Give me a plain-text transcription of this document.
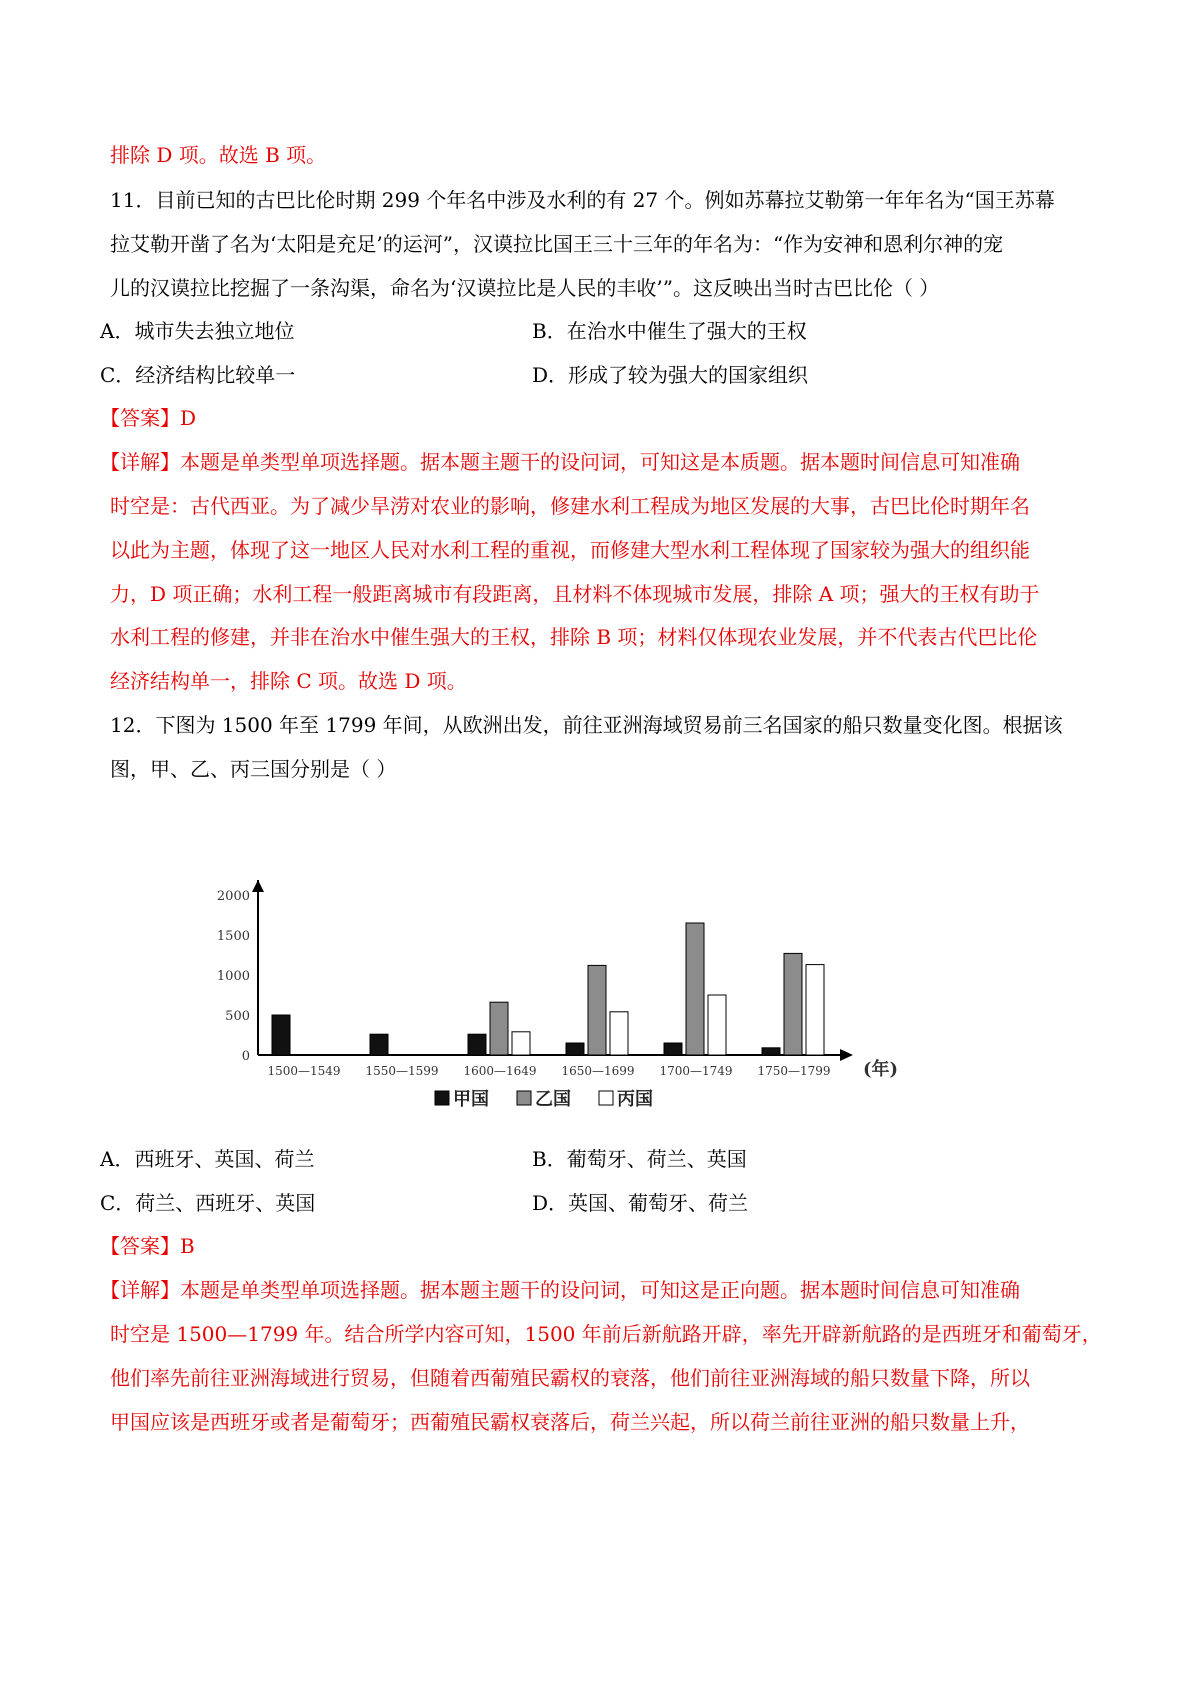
排除 D 项。故选 B 项。
11．目前已知的古巴比伦时期 299 个年名中涉及水利的有 27 个。例如苏幕拉艾勒第一年年名为“国王苏幕
拉艾勒开凿了名为‘太阳是充足’的运河”，汉谟拉比国王三十三年的年名为：“作为安神和恩利尔神的宠
儿的汉谟拉比挖掘了一条沟渠，命名为‘汉谟拉比是人民的丰收’”。这反映出当时古巴比伦（ ）
A．城市失去独立地位	B．在治水中催生了强大的王权
C．经济结构比较单一	D．形成了较为强大的国家组织
【答案】D
【详解】本题是单类型单项选择题。据本题主题干的设问词，可知这是本质题。据本题时间信息可知准确
时空是：古代西亚。为了减少旱涝对农业的影响，修建水利工程成为地区发展的大事，古巴比伦时期年名
以此为主题，体现了这一地区人民对水利工程的重视，而修建大型水利工程体现了国家较为强大的组织能
力，D 项正确；水利工程一般距离城市有段距离，且材料不体现城市发展，排除 A 项；强大的王权有助于
水利工程的修建，并非在治水中催生强大的王权，排除 B 项；材料仅体现农业发展，并不代表古代巴比伦
经济结构单一，排除 C 项。故选 D 项。
12．下图为 1500 年至 1799 年间，从欧洲出发，前往亚洲海域贸易前三名国家的船只数量变化图。根据该
图，甲、乙、丙三国分别是（ ）
0
500
1000
1500
2000
1500—1549 1550—1599 1600—1649 1650—1699 1700—1749 1750—1799 (年)
甲国	乙国	丙国
A．西班牙、英国、荷兰	B．葡萄牙、荷兰、英国
C．荷兰、西班牙、英国	D．英国、葡萄牙、荷兰
【答案】B
【详解】本题是单类型单项选择题。据本题主题干的设问词，可知这是正向题。据本题时间信息可知准确
时空是 1500—1799 年。结合所学内容可知，1500 年前后新航路开辟，率先开辟新航路的是西班牙和葡萄牙，
他们率先前往亚洲海域进行贸易，但随着西葡殖民霸权的衰落，他们前往亚洲海域的船只数量下降，所以
甲国应该是西班牙或者是葡萄牙；西葡殖民霸权衰落后，荷兰兴起，所以荷兰前往亚洲的船只数量上升，
